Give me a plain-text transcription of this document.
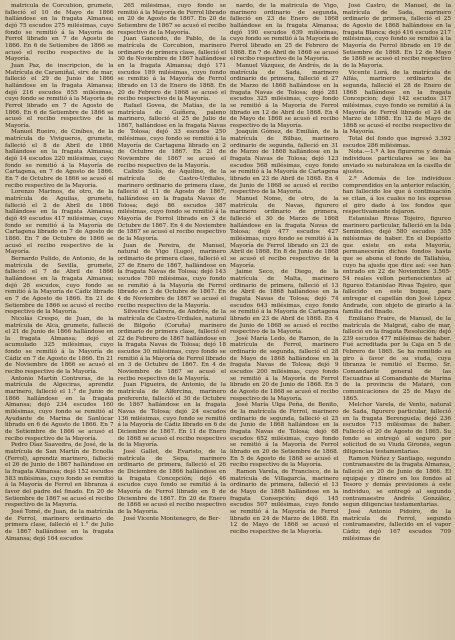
matricula de Corcubion, grumete, falleció el 10 de Mayo de 1866 hallándose en la fragata Almansa; dejó 75 escudos 275 milésimas, cuyo fondo se remitió á la Mayoría de Ferrol librado en 7 de Agosto de 1866. En 6 de Setiembre de 1866 se acusó el recibo respectivo de la Mayoría.

Juan Paz, de inscripcion, de la Matrícula de Caramiñal, sirv. de mar, falleció el 29 de Junio de 1866 hallándose en la fragata Almansa; dejó 216 escudos 855 milésimas, cuyo fondo se remitió á la Mayoría de Ferrol librado en 7 de Agosto de 1866. En 6 de Setiembre de 1866 se acusó el recibo respectivo de la Mayoría.

Manuel Rueiro, de Ciníbes, de la matrícula de Vivigueros, grumete, falleció el 8 de Abril de 1866 hallándose en la fragata Almansa; dejó 14 escudos 220 milésimas, cuyo fondo se remitió á la Mayoría de Cartagena, en 7 de Agosto de 1866. En 7 de Octubre de 1866 se acusó el recibo respectivo de la Mayoría.

Lorenzo Marinos, de otro, de la matrícula de Aguilas, grumete, falleció el 2 de Abril de 1866 hallándose en la fragata Almansa; dejó 49 escudos 417 milésimas, cuyo fondo se remitió á la Mayoría de Cartagena librado en 7 de Agosto de 1866. En 7 de Octubre de 1866 se acusó el recibo respectivo de la Mayoría.

Bernardo Pulido, de Antonio, de la matrícula de Sevilla, grumete, falleció el 7 de Abril de 1866 hallándose en la fragata Almansa; dejó 26 escudos, cuyo fondo se remitió á la Mayoría de Cádiz librado en 7 de Agosto de 1866. En 21 de Setiembre de 1866 se acusó el recibo respectivo de la Mayoría.

Nicolás Crespo, de Juan, de la matrícula de Alca, grumete, falleció el 21 de Junio de 1866 hallándose en la fragata Almansa; dejó el acumulado 325 milésimas, cuyo fondo se remitió á la Mayoría de Cádiz en 7 de Agosto de 1866. En 21 de Noviembre de 1866 se acusó el recibo respectivo de la Mayoría.

Antonio Martín Contreras, de la matrícula de Algeciras, aprendiz marinero, falleció el 1.° de Junio de 1866 hallándose en la fragata Almansa; dejó 234 escudos 160 milésimas, cuyo fondo se remitió al Ayudante de Marina de Sanlúcar librado en 6 de Agosto de 1866. En 7 de Setiembre de 1866 se acusó el recibo respectivo de la Mayoría.

Pedro Díaz Saavedra, de José, de la matrícula de San Martín de Ecnolla (Ferrol), aprendiz marinero, falleció el 26 de Junio de 1867 hallándose en la fragata Almansa; dejó 152 escudos 583 milésimas, cuyo fondo se remitió á la Mayoría de Ferrol en libranza á favor del padre del finado. En 20 de Setiembre de 1867 se acusó el recibo respectivo de la Mayoría.

José Tomé, de Juan, de la matrícula de Ferrol, marinero ordinario de primera clase, falleció el 1.° de Julio de 1867 hallándose en la fragata Almansa; dejó 164 escudos

265 milésimas, cuyo fondo se remitió á la Mayoría de Ferrol librado en 20 de Agosto de 1867. En 20 de Setiembre de 1867 se acusó el recibo respectivo de la Mayoría.

Juan Gancedo, de Pablo, de la matrícula de Corcubion, marinero ordinario de primera clase, falleció el 30 de Noviembre de 1867 hallándose en la fragata Almansa; dejó 171 escudos 189 milésimas, cuyo fondo se remitió á la Mayoría de Ferrol librado en 13 de Enero de 1868. En 20 de Febrero de 1868 se acusó el recibo respectivo de la Mayoría.

Rafael Govea, de Matías, de la matrícula de Guíñera, paleno marinero, falleció el 25 de Julio de 1867, hallándose en la fragata Navas de Tolosa; dejó 33 escudos 250 milésimas, cuyo fondo se remitió á la Mayoría de Cartagena librado en 2 de Octubre de 1867. En 21 de Noviembre de 1867 se acusó el recibo respectivo de la Mayoría.

Calixto Solís, de Aquilino, de la matrícula de Castro-Urdiales, marinero ordinario de primera clase, falleció el 11 de Agosto de 1867, hallándose en la fragata Navas de Tolosa; dejó 86 escudos 387 milésimas, cuyo fondo se remitió á la Mayoría de Ferrol librado en 3 de Octubre de 1867. En 4 de Noviembre de 1867 se acusó el recibo respectivo de la Mayoría.

Juan de Pereira, de Manuel, natural de Vigo (Lugo), marinero ordinario de primera clase, falleció el 27 de Enero de 1867, hallándose en la fragata Navas de Tolosa; dejó 143 escudos 780 milésimas, cuyo fondo se remitió á la Mayoría de Ferrol librado en 3 de Octubre de 1867. En 4 de Noviembre de 1867 se acusó el recibo respectivo de la Mayoría.

Silvestre Cabrera, de Andrés, de la matrícula de Castro-Urdiales, natural de Bilgoño (Coruña) marinero ordinario de primera clase, falleció el 22 de Febrero de 1867 hallándose en la fragata Navas de Tolosa; dejó 18 escudos 30 milésimas, cuyo fondo se remitió á la Mayoría de Ferrol librado en 3 de Octubre de 1867. En 4 de Noviembre de 1867 se acusó el recibo respectivo de la Mayoría.

Juan Figueira, de Antonio, de la matrícula de Alfercina, marinero preferente, falleció el 30 de Octubre de 1867 hallándose en la fragata Navas de Tolosa; dejó 24 escudos 136 milésimas, cuyo fondo se remitió á la Mayoría de Cádiz librado en 6 de Diciembre de 1867. En 11 de Enero de 1868 se acusó el recibo respectivo de la Mayoría.

José Gallet, de Evaristo, de la matrícula de Sepa, marinero ordinario de primera, falleció el 26 de Diciembre de 1866 hallándose en la fragata Concepción; dejó 46 escudos cuyo fondo se remitió á la Mayoría de Ferrol librado en 8 de Diciembre de 1867. En 20 de Enero de 1868 se acusó el recibo respectivo de la Mayoría.

José Vicente Montenegro, de Ber-

nardo, de la matrícula de Vigo, marinero ordinario de segunda, falleció en 23 de Enero de 1868 hallándose en la fragata Almansa; dejó 190 escudos 639 milésimas, cuyo fondo se remitió á la Mayoría de Ferrol librado en 25 de Febrero de 1868. En 7 de Abril de 1868 se acusó el recibo respectivo de la Mayoría.

Manuel Vázquez, de Andrés, de la matrícula de Sada, marinero ordinario de primera, falleció el 27 de Marzo de 1868 hallándose en la fragata Navas de Tolosa; dejó 281 escudos 325 milésimas, cuyo fondo se remitió á la Mayoría de Ferrol librado en 12 de Abril de 1868. En 4 de Mayo de 1868 se acusó el recibo respectivo de la Mayoría.

Joaquín Gómez, de Emilián, de la matrícula de Bilbao, marinero ordinario de segunda, falleció en 31 de Marzo de 1868 hallándose en la fragata Navas de Tolosa; dejó 123 escudos 568 milésimas, cuyo fondo se remitió á la Mayoría de Cartagena librado en 23 de Abril de 1868. En 4 de Junio de 1868 se acusó el recibo respectivo de la Mayoría.

Manuel Nome, de otro, de la matrícula de Navas, figurero marinero ordinario de primera, falleció el 30 de Marzo de 1868 hallándose en la fragata Navas de Tolosa; dejó 477 escudos 427 milésimas, cuyo fondo se remitió á la Mayoría de Ferrol librado en 23 de Abril de 1868. En 8 de Junio de 1868 se acusó el recibo respectivo de la Mayoría.

Jaime Seco, de Diego, de la matrícula de Malta, marinero ordinario de primera, falleció el 13 de Abril de 1868 hallándose en la fragata Navas de Tolosa; dejó 74 escudos 643 milésimas, cuyo fondo se remitió á la Mayoría de Cartagena librado en 23 de Abril de 1868. En 4 de Junio de 1868 se acusó el recibo respectivo de la Mayoría.

José María Ledo, de Ramon, de la matrícula de Ferrol, marinero ordinario de segunda, falleció el 28 de Mayo de 1868 hallándose en la fragata Navas de Tolosa; dejó 9 escudos 200 milésimas, cuyo fondo se remitió á la Mayoría de Ferrol librado en 20 de Junio de 1868. En 5 de Agosto de 1868 se acusó el recibo respectivo de la Mayoría.

José María Ulga Peña, de Benito, de la matrícula de Ferrol, marinero ordinario de segunda, falleció el 25 de Junio de 1868 hallándose en la fragata Navas de Tolosa; dejó 68 escudos 652 milésimas, cuyo fondo se remitió á la Mayoría de Ferrol librado en 20 de Setiembre de 1868. En 5 de Agosto de 1868 se acusó el recibo respectivo de la Mayoría.

Ramon Varela, de Francisco, de la matrícula de Villagarcía, marinero ordinario de primera, falleció el 13 de Mayo de 1868 hallándose en la fragata Consepción; dejó 145 escudos 507 milésimas, cuyo fondo se remitió á la Mayoría de Ferrol librado en 24 de Marzo de 1868. En 12 de Mayo de 1868 se acusó el recibo respectivo de la Mayoría.

José Castro, de Manuel, de la matrícula de Sada, marinero ordinario de primera, falleció el 25 de Agosto de 1868 hallándose en la fragata Blanca; dejó 416 escudos 217 milésimas, cuyo fondo se remitió á la Mayoría de Ferrol librado en 19 de Setiembre de 1868. En 12 de Mayo de 1868 se acusó el recibo respectivo de la Mayoría.

Vicente Lorá, de la matrícula de Alfás, marinero ordinario de segunda, falleció el 28 de Enero de 1868 hallándose en la fragata Concepcion; dejó 142 escudos 317 milésimas, cuyo fondo se remitió á la Mayoría de Ferrol librado el 24 de Marzo de 1868. En 12 de Mayo de 1868 se acusó el recibo respectivo de la Mayoría.

Total del fondo que ingresó 3.392 escudos 286 milésimas.

Nota.—1.ª A los figureros y demás individuos particulares se les ha enviado su naturaleza en la casilla de ajustes.

2.ª Además de los individuos comprendidos en la anterior relación, han fallecido los que á continuación se citan, á los cuales no les exprese el giro dado á los fondos que respectivamente dejaron.

Estanislao Rivas Tojeiro, figureo marinero particular, falleció en la Isla Seminoles; dejó 580 escudos 355 milésimas de haber. En el Depósito que existe en esta Mayoría, permanecerán dichos fondos hasta que se abona el fondo de Tallahísa, cuyo ha ajuste que dice así: «se han entrado en 22 de Noviembre 3.565-54 reales vellon pertenecientes al figureo Estanislao Rivas Tojeiro, que fallecido en este buque, para entregar el capellán don José López Andrade, con objeto de girarlo á la familia del finado.

Emiliano Fraire, de Manuel, de la matrícula de Malgrat, cabo de mar, falleció en la fragata Resolución; dejó 239 escudos 477 milésimas de haber. Fué acreditada por la Caja en 5 de Febrero de 1865. Se ha remitido su giro á favor de su viuda, cuya libranza le remitió el Excmo. Sr. Comandante general de las Escuadras al Comandante de Marina de la provincia de Mataró, con comunicaciones de 25 de Mayo de 1865.

Melchor Varela, de Vento, natural de Sada, figurero particular, falleció en la fragata Berenguela; dejó 236 escudos 715 milésimas de haber. Falleció el 20 de Agosto de 1865. Su fondo se entregó al seguro por solicitud de su Viuda Gironés, segun diligencias testamentarias.

Ramon Núñez y Santiago, segundo contramaestre de la fragata Almansa, falleció en 20 de Junio de 1866. El equipaje y dinero en los fondos al Tesoro y demás previsiones á este individuo, se entregó al segundo contramaestre Andrés González, segun diligencias testamentarias.

José Antonio Pidoiro, de la matrícula de Ferrol, segundo contramaestre, fallecido en el vapor Cádiz; dejó 167 escudos 709 milésimas de
